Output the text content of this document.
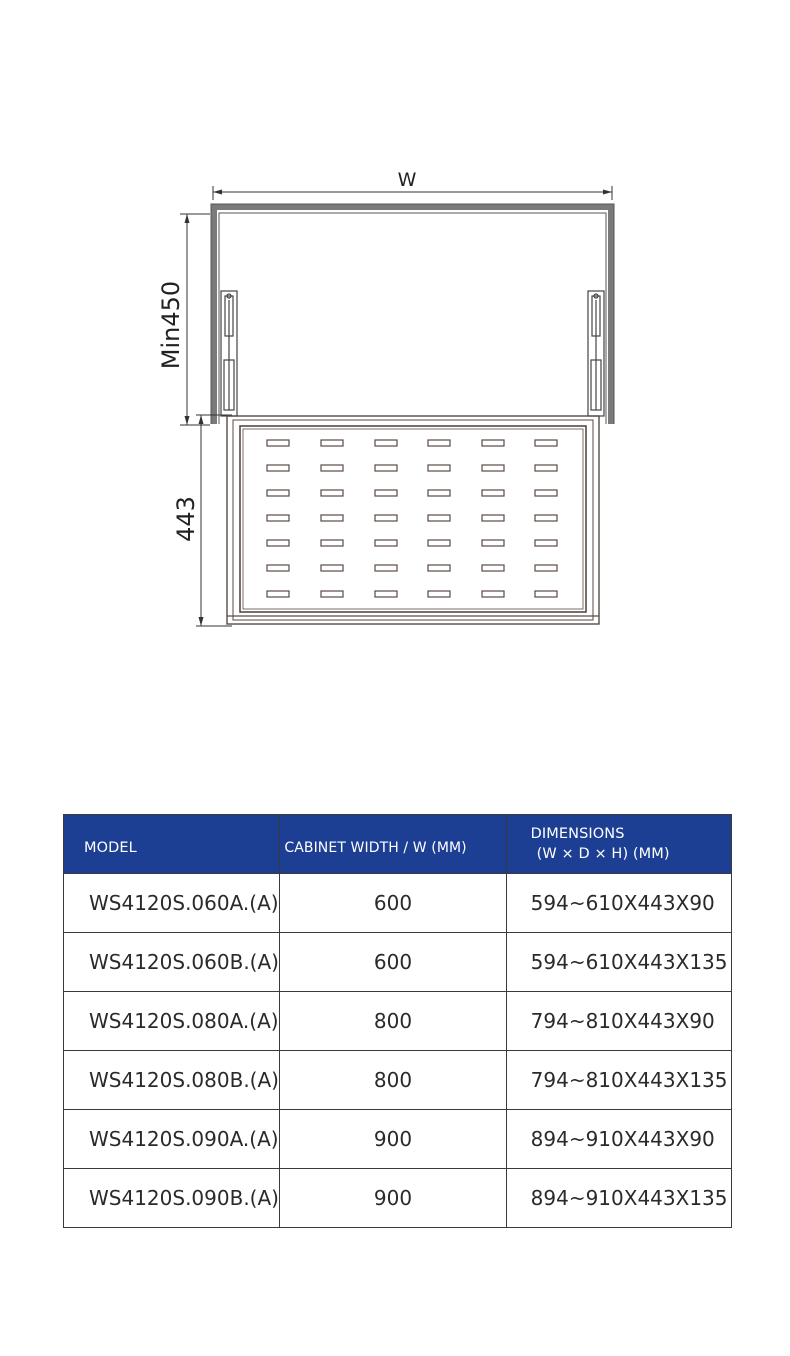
W
Min450
443
MODEL	CABINET WIDTH / W (MM)	DIMENSIONS
(W × D × H) (MM)

WS4120S.060A.(A)	600	594~610X443X90
WS4120S.060B.(A)	600	594~610X443X135
WS4120S.080A.(A)	800	794~810X443X90
WS4120S.080B.(A)	800	794~810X443X135
WS4120S.090A.(A)	900	894~910X443X90
WS4120S.090B.(A)	900	894~910X443X135
